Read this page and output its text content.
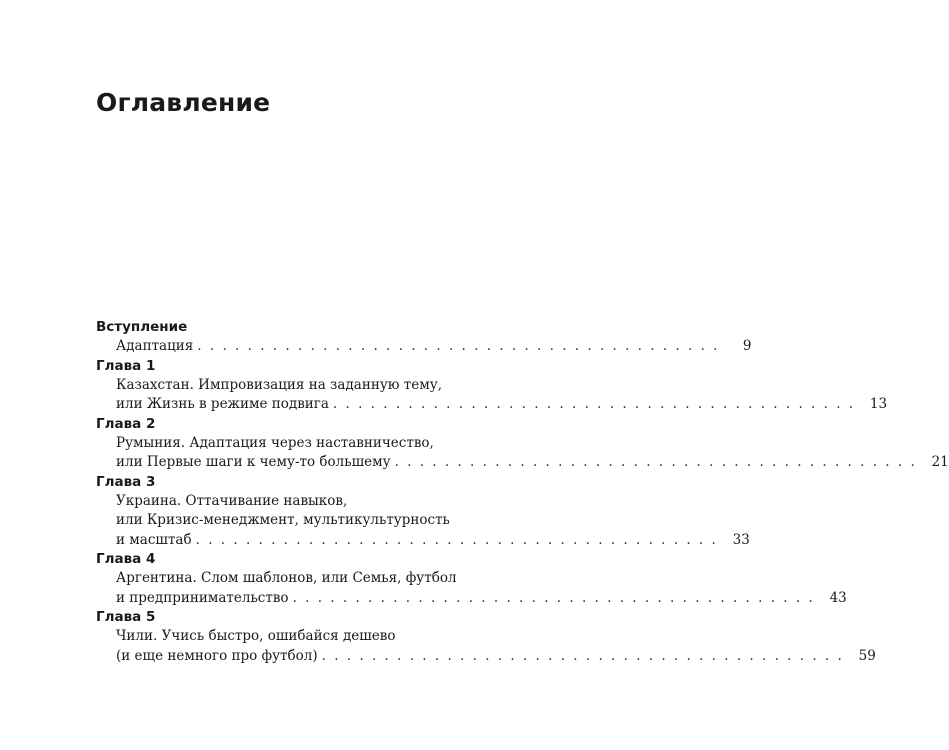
Оглавление
Вступление
Адаптация . . . . . . . . . . . . . . . . . . . . . . . . . . . . . . . . . . . . . . . . . .	9
Глава 1
Казахстан. Импровизация на заданную тему,
или Жизнь в режиме подвига . . . . . . . . . . . . . . . . . . . . . . . . . . . . . . . . . . . . . . . . . .	13
Глава 2
Румыния. Адаптация через наставничество,
или Первые шаги к чему-то большему . . . . . . . . . . . . . . . . . . . . . . . . . . . . . . . . . . . . . . . . . .	21
Глава 3
Украина. Оттачивание навыков,
или Кризис-менеджмент, мультикультурность
и масштаб . . . . . . . . . . . . . . . . . . . . . . . . . . . . . . . . . . . . . . . . . .	33
Глава 4
Аргентина. Слом шаблонов, или Семья, футбол
и предпринимательство . . . . . . . . . . . . . . . . . . . . . . . . . . . . . . . . . . . . . . . . . .	43
Глава 5
Чили. Учись быстро, ошибайся дешево
(и еще немного про футбол) . . . . . . . . . . . . . . . . . . . . . . . . . . . . . . . . . . . . . . . . . .	59
